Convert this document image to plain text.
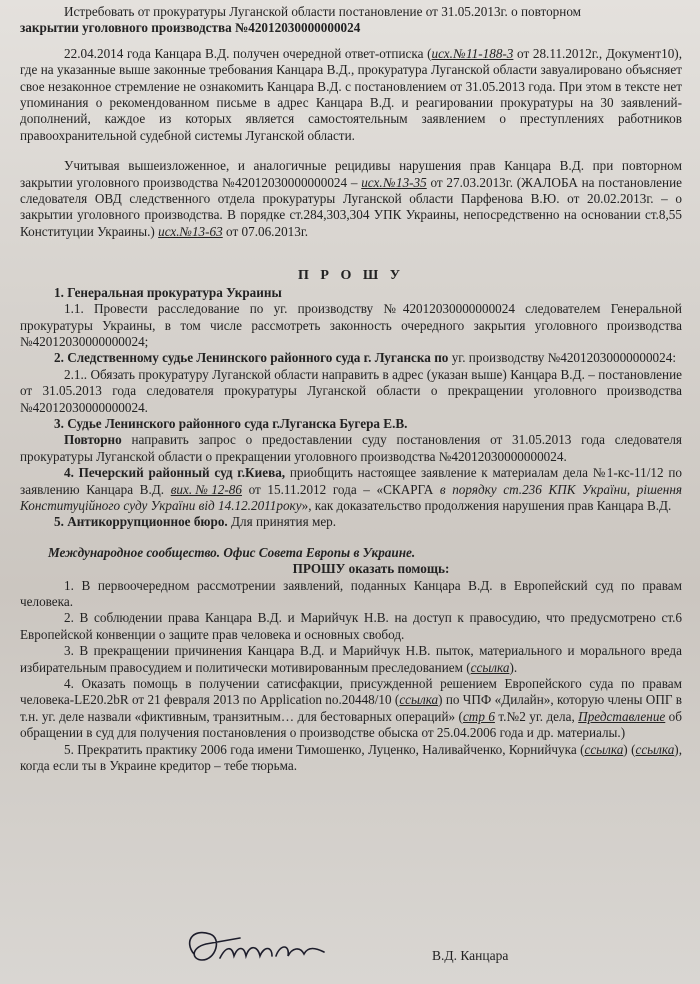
Истребовать от прокуратуры Луганской области постановление от 31.05.2013г. о повторном

закрытии уголовного производства №42012030000000024

22.04.2014 года Канцара В.Д. получен очередной ответ-отписка (исх.№11-188-3 от 28.11.2012г., Документ10), где на указанные выше законные требования Канцара В.Д., прокуратура Луганской области завуалировано объясняет свое незаконное стремление не ознакомить Канцара В.Д. с постановлением от 31.05.2013 года. При этом в тексте нет упоминания о рекомендованном письме в адрес Канцара В.Д. и реагировании прокуратуры на 30 заявлений-дополнений, каждое из которых является самостоятельным заявлением о преступлениях работников правоохранительной судебной системы Луганской области.

Учитывая вышеизложенное, и аналогичные рецидивы нарушения прав Канцара В.Д. при повторном закрытии уголовного производства №42012030000000024 – исх.№13-35 от 27.03.2013г. (ЖАЛОБА на постановление следователя ОВД следственного отдела прокуратуры Луганской области Парфенова В.Ю. от 20.02.2013г. – о закрытии уголовного производства. В порядке ст.284,303,304 УПК Украины, непосредственно на основании ст.8,55 Конституции Украины.) исх.№13-63 от 07.06.2013г.

П Р О Ш У

1. Генеральная прокуратура Украины

1.1. Провести расследование по уг. производству №42012030000000024 следователем Генеральной прокуратуры Украины, в том числе рассмотреть законность очередного закрытия уголовного производства №42012030000000024;

2. Следственному судье Ленинского районного суда г. Луганска по уг. производству №42012030000000024:

2.1.. Обязать прокуратуру Луганской области направить в адрес (указан выше) Канцара В.Д. – постановление от 31.05.2013 года следователя прокуратуры Луганской области о прекращении уголовного производства №42012030000000024.

3. Судье Ленинского районного суда г.Луганска Бугера Е.В.

Повторно направить запрос о предоставлении суду постановления от 31.05.2013 года следователя прокуратуры Луганской области о прекращении уголовного производства №42012030000000024.

4. Печерский районный суд г.Киева, приобщить настоящее заявление к материалам дела №1-кс-11/12 по заявлению Канцара В.Д. вих.№12-86 от 15.11.2012 года – «СКАРГА в порядку ст.236 КПК України, рішення Конституційного суду України від 14.12.2011року», как доказательство продолжения нарушения прав Канцара В.Д.

5. Антикоррупционное бюро. Для принятия мер.

Международное сообщество. Офис Совета Европы в Украине.

ПРОШУ оказать помощь:

1. В первоочередном рассмотрении заявлений, поданных Канцара В.Д. в Европейский суд по правам человека.

2. В соблюдении права Канцара В.Д. и Марийчук Н.В. на доступ к правосудию, что предусмотрено ст.6 Европейской конвенции о защите прав человека и основных свобод.

3. В прекращении причинения Канцара В.Д. и Марийчук Н.В. пыток, материального и морального вреда избирательным правосудием и политически мотивированным преследованием (ссылка).

4. Оказать помощь в получении сатисфакции, присужденной решением Европейского суда по правам человека-LE20.2bR от 21 февраля 2013 по Application no.20448/10 (ссылка) по ЧПФ «Дилайн», которую члены ОПГ в т.н. уг. деле назвали «фиктивным, транзитным… для бестоварных операций» (стр 6 т.№2 уг. дела, Представление об обращении в суд для получения постановления о производстве обыска от 25.04.2006 года и др. материалы.)

5. Прекратить практику 2006 года имени Тимошенко, Луценко, Наливайченко, Корнийчука (ссылка) (ссылка), когда если ты в Украине кредитор – тебе тюрьма.

В.Д. Канцара
